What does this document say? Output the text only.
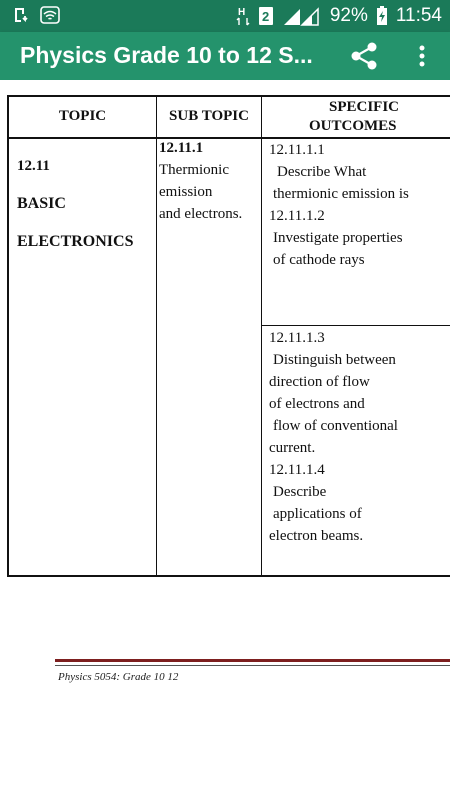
H 2	92% 11:54
Physics Grade 10 to 12 S...
TOPIC	SUB TOPIC
SPECIFIC
OUTCOMES
12.11
BASIC
ELECTRONICS
12.11.1
Thermionic
emission
and electrons.
12.11.1.1
Describe What
thermionic emission is
12.11.1.2
Investigate properties
of cathode rays
12.11.1.3
Distinguish between
direction of flow
of electrons and
flow of conventional
current.
12.11.1.4
Describe
applications of
electron beams.
Physics 5054: Grade 10 12
